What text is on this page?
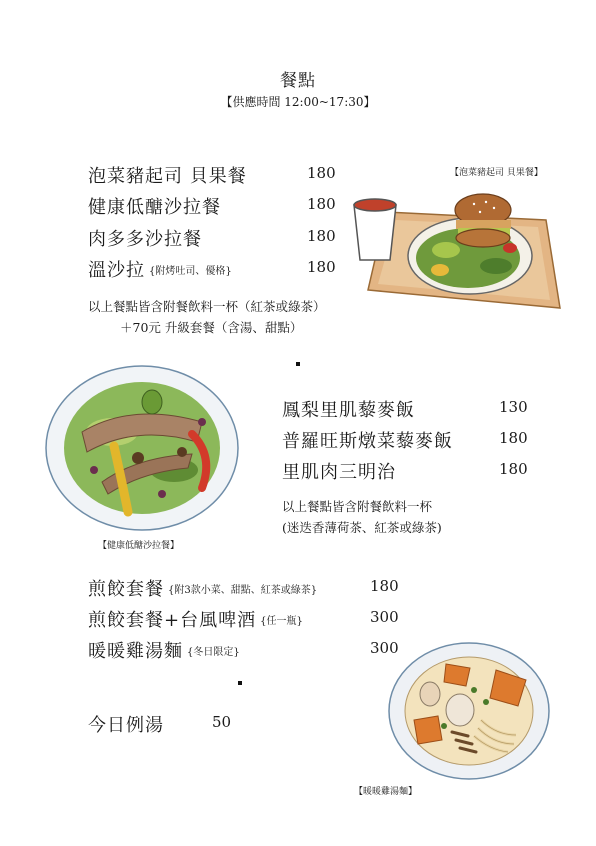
餐點
【供應時間 12:00~17:30】
泡菜豬起司 貝果餐	180
健康低醣沙拉餐	180
肉多多沙拉餐	180
溫沙拉 {附烤吐司、優格}	180
以上餐點皆含附餐飲料一杯（紅茶或綠茶）
＋70元 升級套餐（含湯、甜點）
【泡菜豬起司 貝果餐】
【健康低醣沙拉餐】
鳳梨里肌藜麥飯	130
普羅旺斯燉菜藜麥飯	180
里肌肉三明治	180
以上餐點皆含附餐飲料一杯
(迷迭香薄荷茶、紅茶或綠茶)
煎餃套餐 {附3款小菜、甜點、紅茶或綠茶}	180
煎餃套餐+台風啤酒 {任一瓶}	300
暖暖雞湯麵 {冬日限定}	300
今日例湯	50
【暖暖雞湯麵】
